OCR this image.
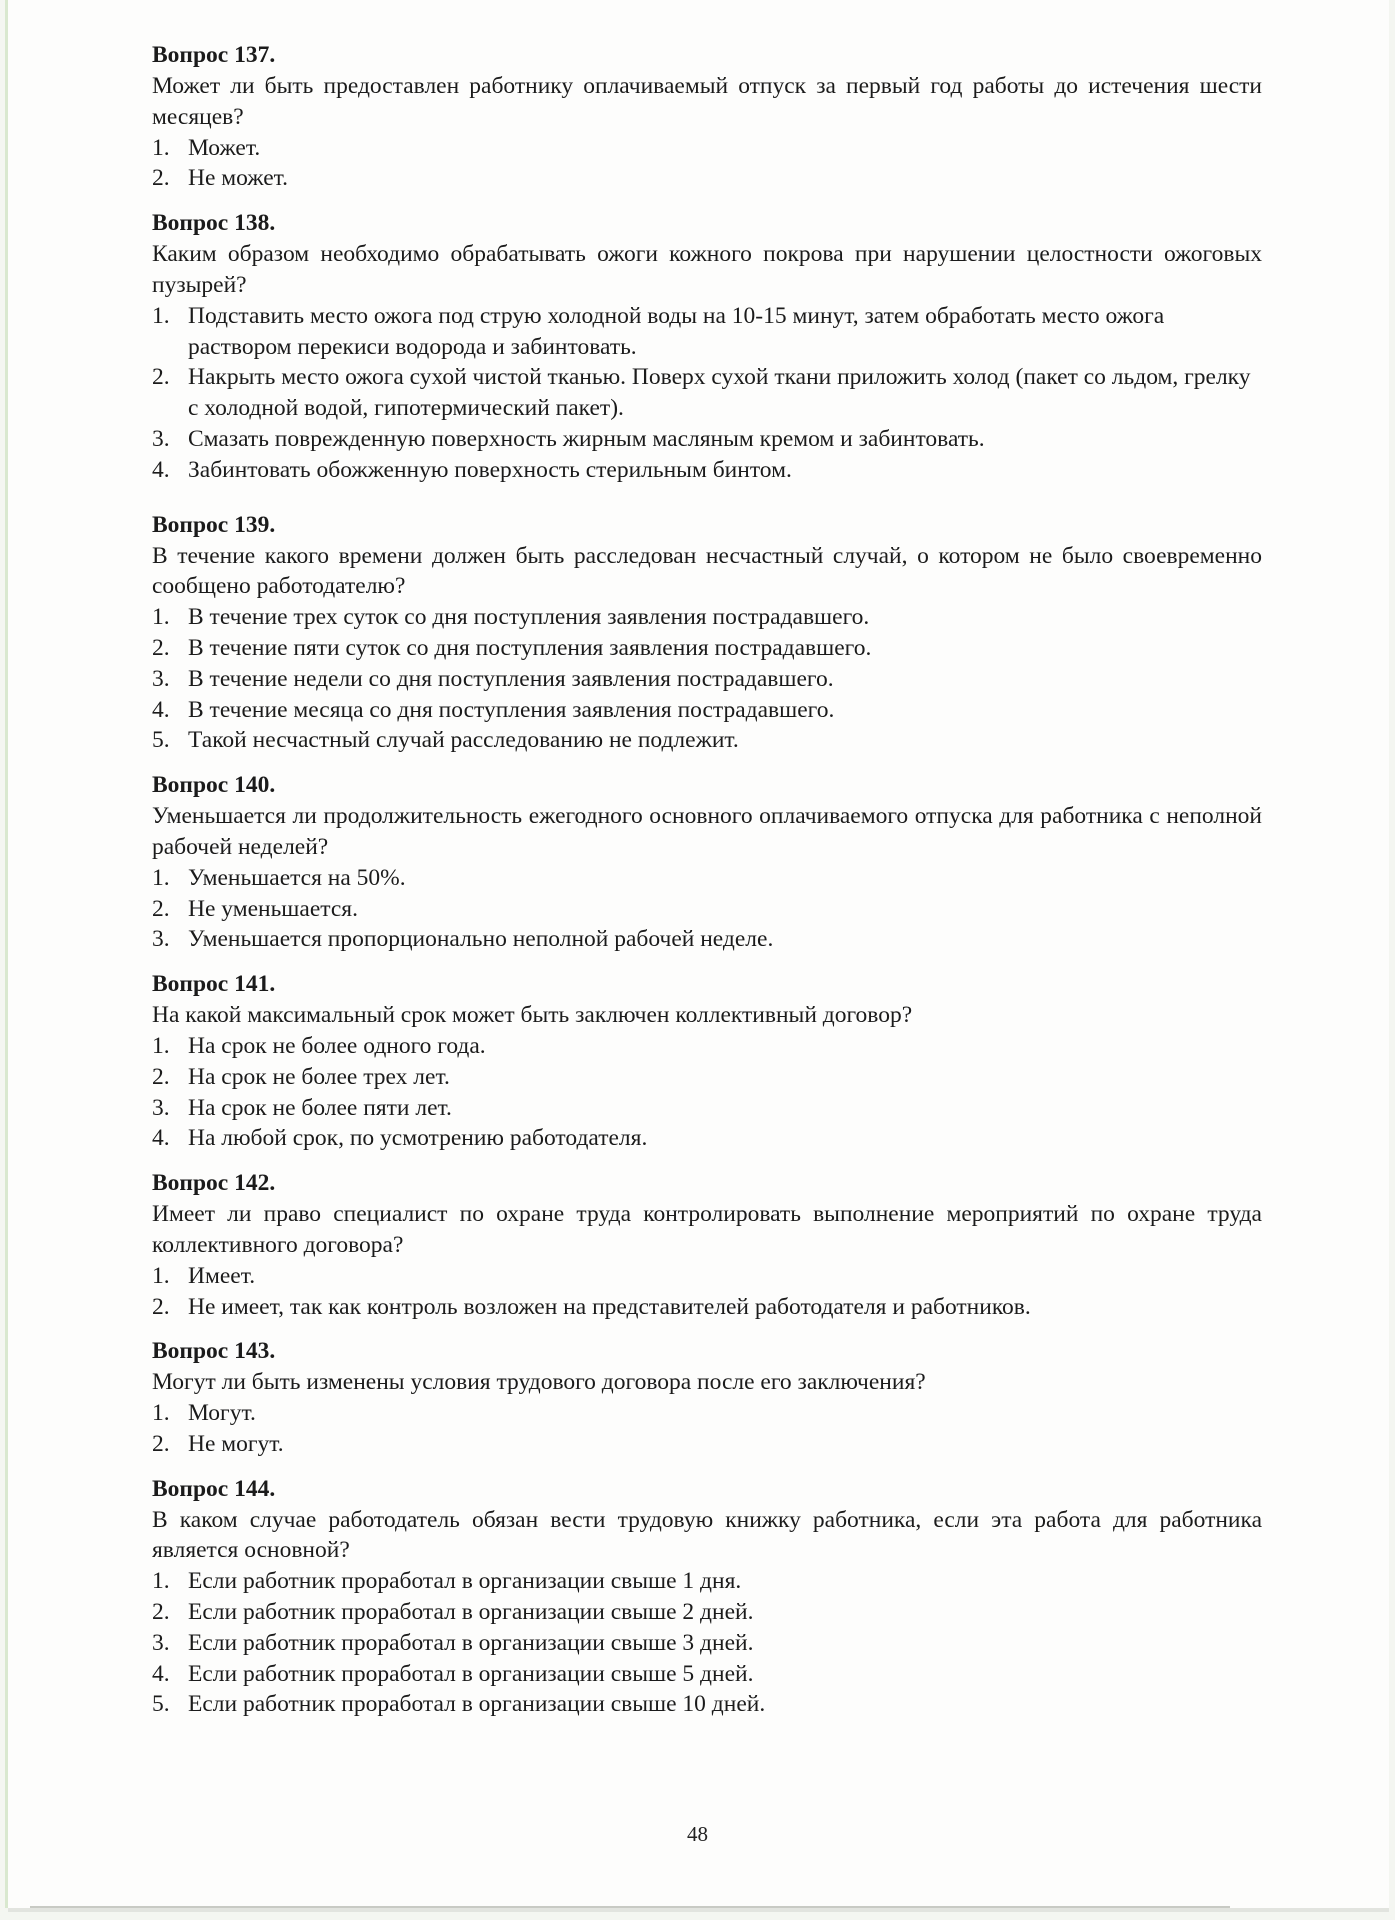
Вопрос 137.

Может ли быть предоставлен работнику оплачиваемый отпуск за первый год работы до истечения шести месяцев?

1. Может.
2. Не может.

Вопрос 138.

Каким образом необходимо обрабатывать ожоги кожного покрова при нарушении целостности ожоговых пузырей?

1. Подставить место ожога под струю холодной воды на 10-15 минут, затем обработать место ожога раствором перекиси водорода и забинтовать.
2. Накрыть место ожога сухой чистой тканью. Поверх сухой ткани приложить холод (пакет со льдом, грелку с холодной водой, гипотермический пакет).
3. Смазать поврежденную поверхность жирным масляным кремом и забинтовать.
4. Забинтовать обожженную поверхность стерильным бинтом.

Вопрос 139.

В течение какого времени должен быть расследован несчастный случай, о котором не было своевременно сообщено работодателю?

1. В течение трех суток со дня поступления заявления пострадавшего.
2. В течение пяти суток со дня поступления заявления пострадавшего.
3. В течение недели со дня поступления заявления пострадавшего.
4. В течение месяца со дня поступления заявления пострадавшего.
5. Такой несчастный случай расследованию не подлежит.

Вопрос 140.

Уменьшается ли продолжительность ежегодного основного оплачиваемого отпуска для работника с неполной рабочей неделей?

1. Уменьшается на 50%.
2. Не уменьшается.
3. Уменьшается пропорционально неполной рабочей неделе.

Вопрос 141.

На какой максимальный срок может быть заключен коллективный договор?

1. На срок не более одного года.
2. На срок не более трех лет.
3. На срок не более пяти лет.
4. На любой срок, по усмотрению работодателя.

Вопрос 142.

Имеет ли право специалист по охране труда контролировать выполнение мероприятий по охране труда коллективного договора?

1. Имеет.
2. Не имеет, так как контроль возложен на представителей работодателя и работников.

Вопрос 143.

Могут ли быть изменены условия трудового договора после его заключения?

1. Могут.
2. Не могут.

Вопрос 144.

В каком случае работодатель обязан вести трудовую книжку работника, если эта работа для работника является основной?

1. Если работник проработал в организации свыше 1 дня.
2. Если работник проработал в организации свыше 2 дней.
3. Если работник проработал в организации свыше 3 дней.
4. Если работник проработал в организации свыше 5 дней.
5. Если работник проработал в организации свыше 10 дней.
48
